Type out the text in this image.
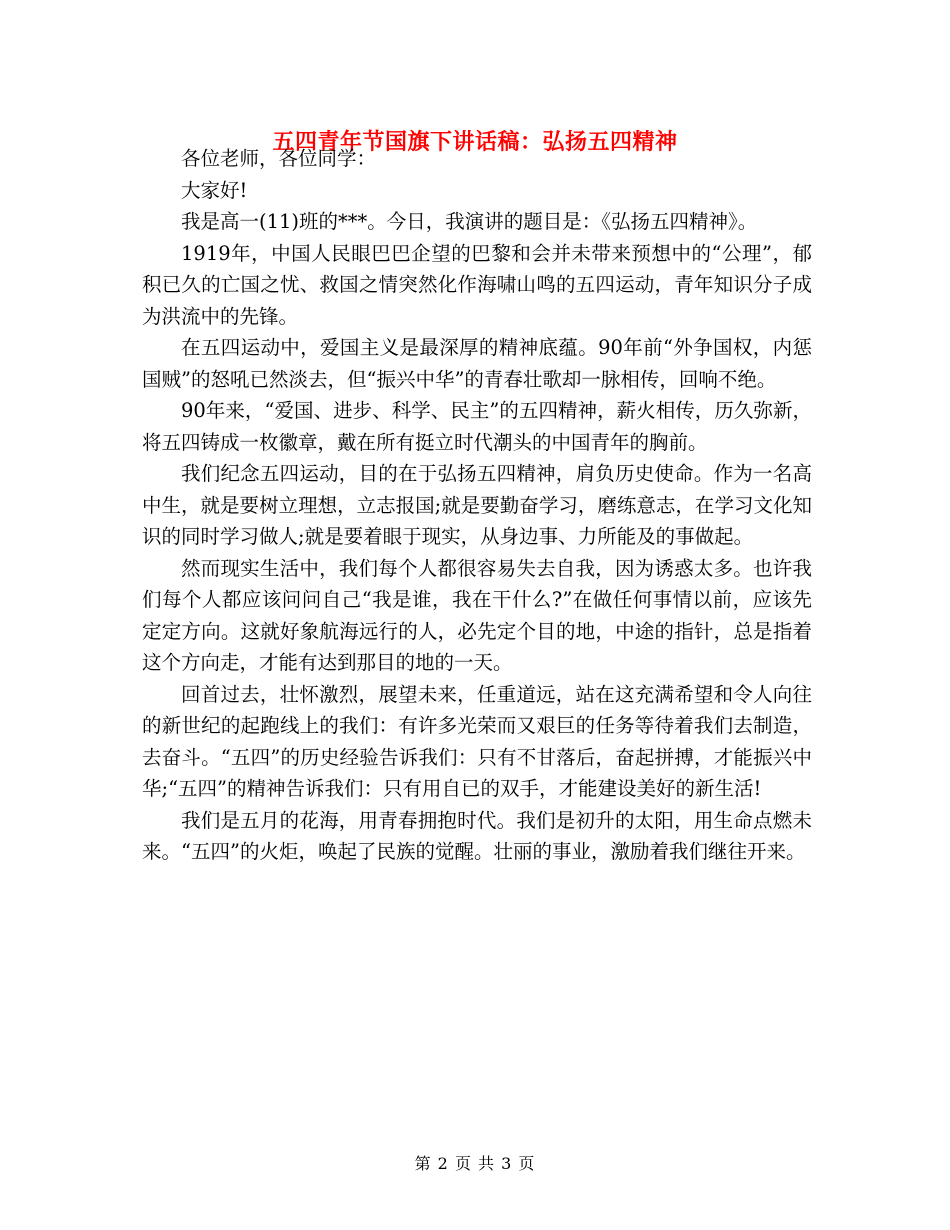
五四青年节国旗下讲话稿：弘扬五四精神

各位老师，各位同学：

大家好!

我是高一(11)班的***。今日，我演讲的题目是：《弘扬五四精神》。

1919年，中国人民眼巴巴企望的巴黎和会并未带来预想中的“公理”，郁积已久的亡国之忧、救国之情突然化作海啸山鸣的五四运动，青年知识分子成为洪流中的先锋。

在五四运动中，爱国主义是最深厚的精神底蕴。90年前“外争国权，内惩国贼”的怒吼已然淡去，但“振兴中华”的青春壮歌却一脉相传，回响不绝。

90年来，“爱国、进步、科学、民主”的五四精神，薪火相传，历久弥新，将五四铸成一枚徽章，戴在所有挺立时代潮头的中国青年的胸前。

我们纪念五四运动，目的在于弘扬五四精神，肩负历史使命。作为一名高中生，就是要树立理想，立志报国;就是要勤奋学习，磨练意志，在学习文化知识的同时学习做人;就是要着眼于现实，从身边事、力所能及的事做起。

然而现实生活中，我们每个人都很容易失去自我，因为诱惑太多。也许我们每个人都应该问问自己“我是谁，我在干什么?”在做任何事情以前，应该先定定方向。这就好象航海远行的人，必先定个目的地，中途的指针，总是指着这个方向走，才能有达到那目的地的一天。

回首过去，壮怀激烈，展望未来，任重道远，站在这充满希望和令人向往的新世纪的起跑线上的我们：有许多光荣而又艰巨的任务等待着我们去制造，去奋斗。“五四”的历史经验告诉我们：只有不甘落后，奋起拼搏，才能振兴中华;“五四”的精神告诉我们：只有用自已的双手，才能建设美好的新生活!

我们是五月的花海，用青春拥抱时代。我们是初升的太阳，用生命点燃未来。“五四”的火炬，唤起了民族的觉醒。壮丽的事业，激励着我们继往开来。

第 2 页 共 3 页
